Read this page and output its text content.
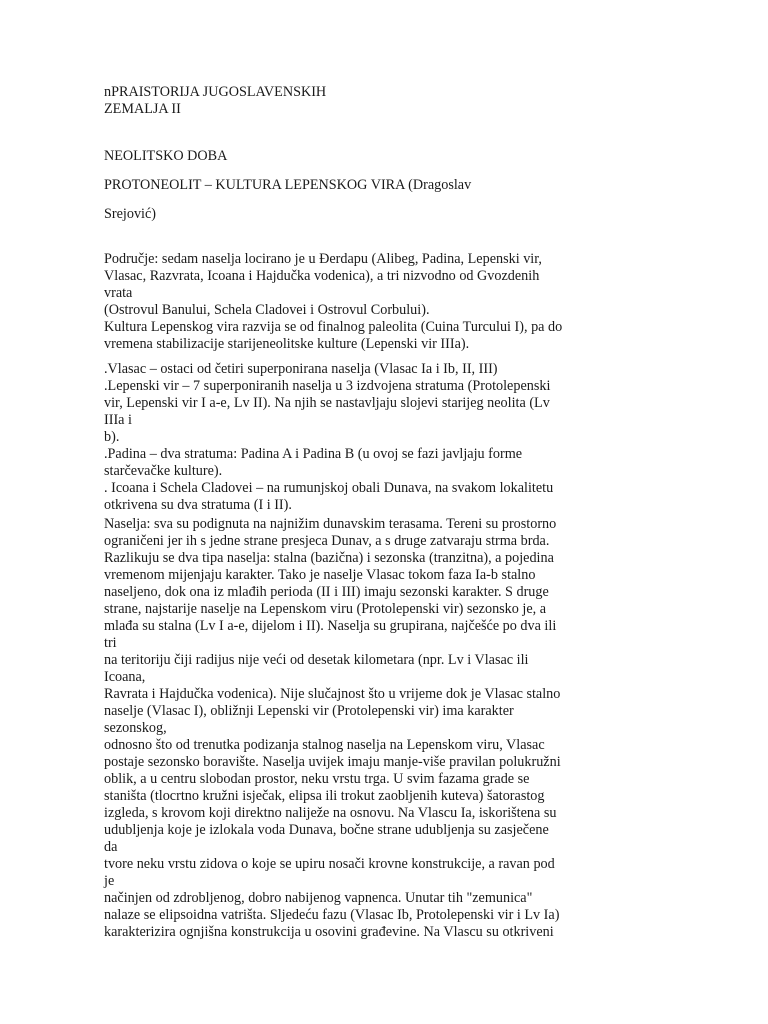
nPRAISTORIJA JUGOSLAVENSKIH
ZEMALJA II

NEOLITSKO DOBA

PROTONEOLIT – KULTURA LEPENSKOG VIRA (Dragoslav

Srejović)

Područje: sedam naselja locirano je u Đerdapu (Alibeg, Padina, Lepenski vir,
Vlasac, Razvrata, Icoana i Hajdučka vodenica), a tri nizvodno od Gvozdenih vrata
(Ostrovul Banului, Schela Cladovei i Ostrovul Corbului).
Kultura Lepenskog vira razvija se od finalnog paleolita (Cuina Turcului I), pa do
vremena stabilizacije starijeneolitske kulture (Lepenski vir IIIa).

.Vlasac – ostaci od četiri superponirana naselja (Vlasac Ia i Ib, II, III)
.Lepenski vir – 7 superponiranih naselja u 3 izdvojena stratuma (Protolepenski
vir, Lepenski vir I a-e, Lv II). Na njih se nastavljaju slojevi starijeg neolita (Lv IIIa i
b).
.Padina – dva stratuma: Padina A i Padina B (u ovoj se fazi javljaju forme
starčevačke kulture).
. Icoana i Schela Cladovei – na rumunjskoj obali Dunava, na svakom lokalitetu
otkrivena su dva stratuma (I i II).

Naselja: sva su podignuta na najnižim dunavskim terasama. Tereni su prostorno
ograničeni jer ih s jedne strane presjeca Dunav, a s druge zatvaraju strma brda.
Razlikuju se dva tipa naselja: stalna (bazična) i sezonska (tranzitna), a pojedina
vremenom mijenjaju karakter. Tako je naselje Vlasac tokom faza Ia-b stalno
naseljeno, dok ona iz mlađih perioda (II i III) imaju sezonski karakter. S druge
strane, najstarije naselje na Lepenskom viru (Protolepenski vir) sezonsko je, a
mlađa su stalna (Lv I a-e, dijelom i II). Naselja su grupirana, najčešće po dva ili tri
na teritoriju čiji radijus nije veći od desetak kilometara (npr. Lv i Vlasac ili Icoana,
Ravrata i Hajdučka vodenica). Nije slučajnost što u vrijeme dok je Vlasac stalno
naselje (Vlasac I), obližnji Lepenski vir (Protolepenski vir) ima karakter sezonskog,
odnosno što od trenutka podizanja stalnog naselja na Lepenskom viru, Vlasac
postaje sezonsko boravište. Naselja uvijek imaju manje-više pravilan polukružni
oblik, a u centru slobodan prostor, neku vrstu trga. U svim fazama grade se
staništa (tlocrtno kružni isječak, elipsa ili trokut zaobljenih kuteva) šatorastog
izgleda, s krovom koji direktno naliježe na osnovu. Na Vlascu Ia, iskorištena su
udubljenja koje je izlokala voda Dunava, bočne strane udubljenja su zasječene da
tvore neku vrstu zidova o koje se upiru nosači krovne konstrukcije, a ravan pod je
načinjen od zdrobljenog, dobro nabijenog vapnenca. Unutar tih "zemunica"
nalaze se elipsoidna vatrišta. Sljedeću fazu (Vlasac Ib, Protolepenski vir i Lv Ia)
karakterizira ognjišna konstrukcija u osovini građevine. Na Vlascu su otkriveni
